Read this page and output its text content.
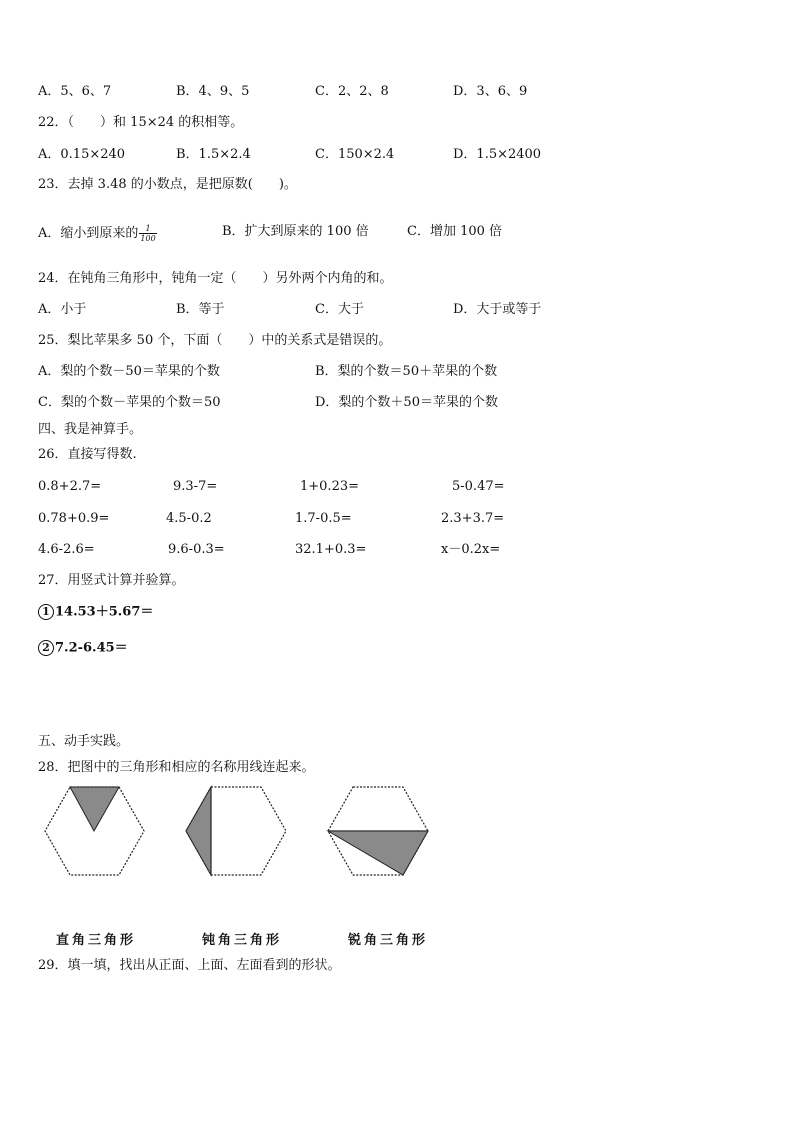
A．5、6、7	B．4、9、5	C．2、2、8	D．3、6、9
22．（　　）和 15×24 的积相等。
A．0.15×240	B．1.5×2.4	C．150×2.4	D．1.5×2400
23．去掉 3.48 的小数点，是把原数(　　)。
A．缩小到原来的 $\frac{1}{100}$	B．扩大到原来的 100 倍	C．增加 100 倍
24．在钝角三角形中，钝角一定（　　）另外两个内角的和。
A．小于	B．等于	C．大于	D．大于或等于
25．梨比苹果多 50 个，下面（　　）中的关系式是错误的。
A．梨的个数－50＝苹果的个数	B．梨的个数＝50＋苹果的个数
C．梨的个数－苹果的个数＝50	D．梨的个数＋50＝苹果的个数
四、我是神算手。
26．直接写得数.
0.8+2.7=	9.3-7=	1+0.23=	5-0.47=
0.78+0.9=	4.5-0.2	1.7-0.5=	2.3+3.7=
4.6-2.6=	9.6-0.3=	32.1+0.3=	x－0.2x=
27．用竖式计算并验算。
1 14.53＋5.67＝
2 7.2-6.45＝
五、动手实践。
28．把图中的三角形和相应的名称用线连起来。
直角三角形	钝角三角形	锐角三角形
29．填一填，找出从正面、上面、左面看到的形状。
